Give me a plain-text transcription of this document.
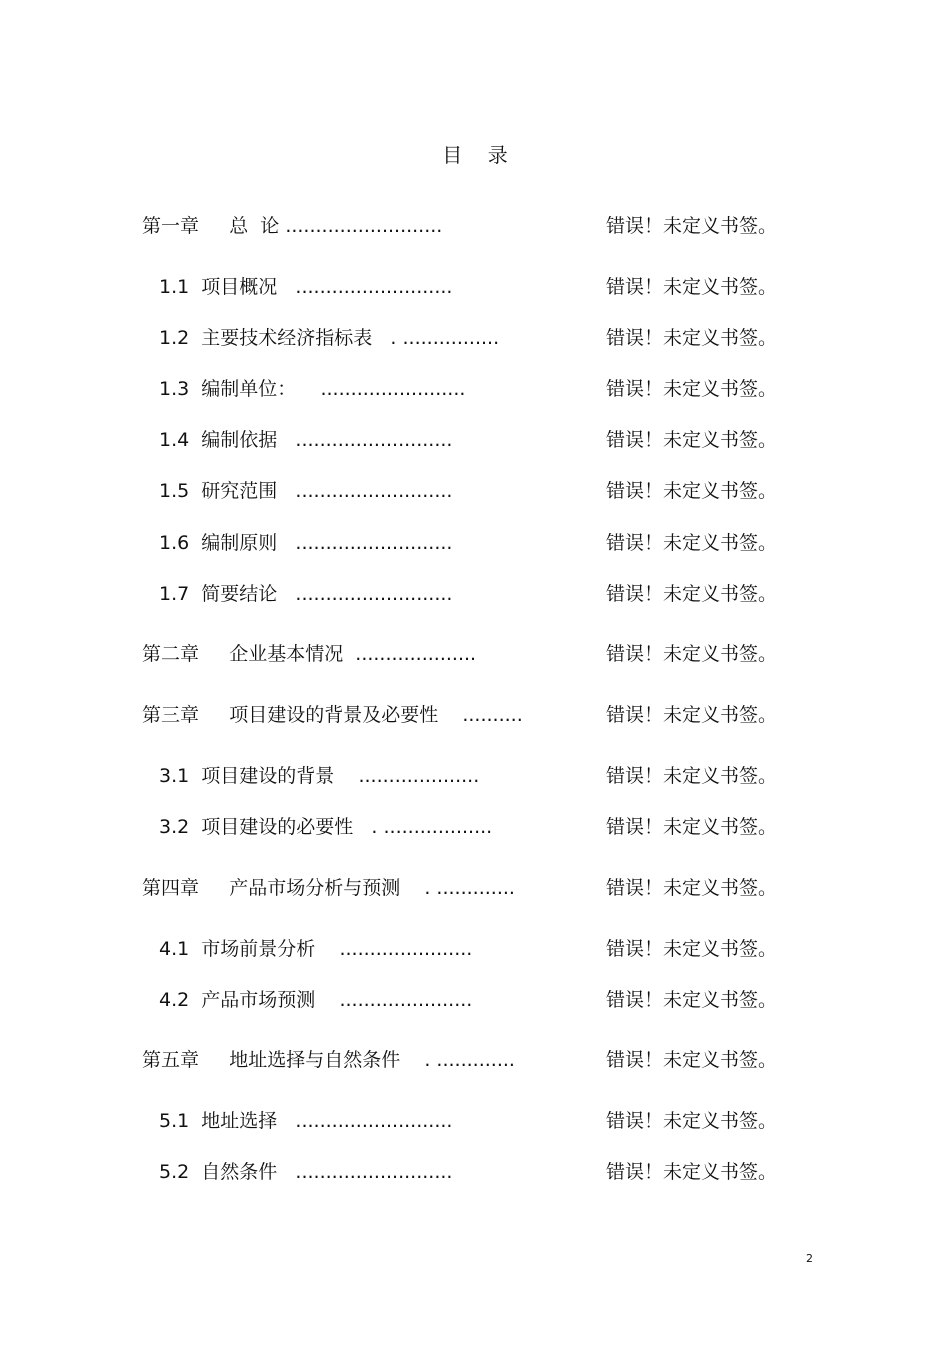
目    录

第一章     总  论 ..........................

	错误！未定义书签。

1.1  项目概况   ..........................

	错误！未定义书签。

1.2  主要技术经济指标表   . ................

	错误！未定义书签。

1.3  编制单位：    ........................

	错误！未定义书签。

1.4  编制依据   ..........................

	错误！未定义书签。

1.5  研究范围   ..........................

	错误！未定义书签。

1.6  编制原则   ..........................

	错误！未定义书签。

1.7  简要结论   ..........................

	错误！未定义书签。

第二章     企业基本情况  ....................

	错误！未定义书签。

第三章     项目建设的背景及必要性    ..........

	错误！未定义书签。

3.1  项目建设的背景    ....................

	错误！未定义书签。

3.2  项目建设的必要性   . ..................

	错误！未定义书签。

第四章     产品市场分析与预测    . .............

	错误！未定义书签。

4.1  市场前景分析    ......................

	错误！未定义书签。

4.2  产品市场预测    ......................

	错误！未定义书签。

第五章     地址选择与自然条件    . .............

	错误！未定义书签。

5.1  地址选择   ..........................

	错误！未定义书签。

5.2  自然条件   ..........................

	错误！未定义书签。

2
